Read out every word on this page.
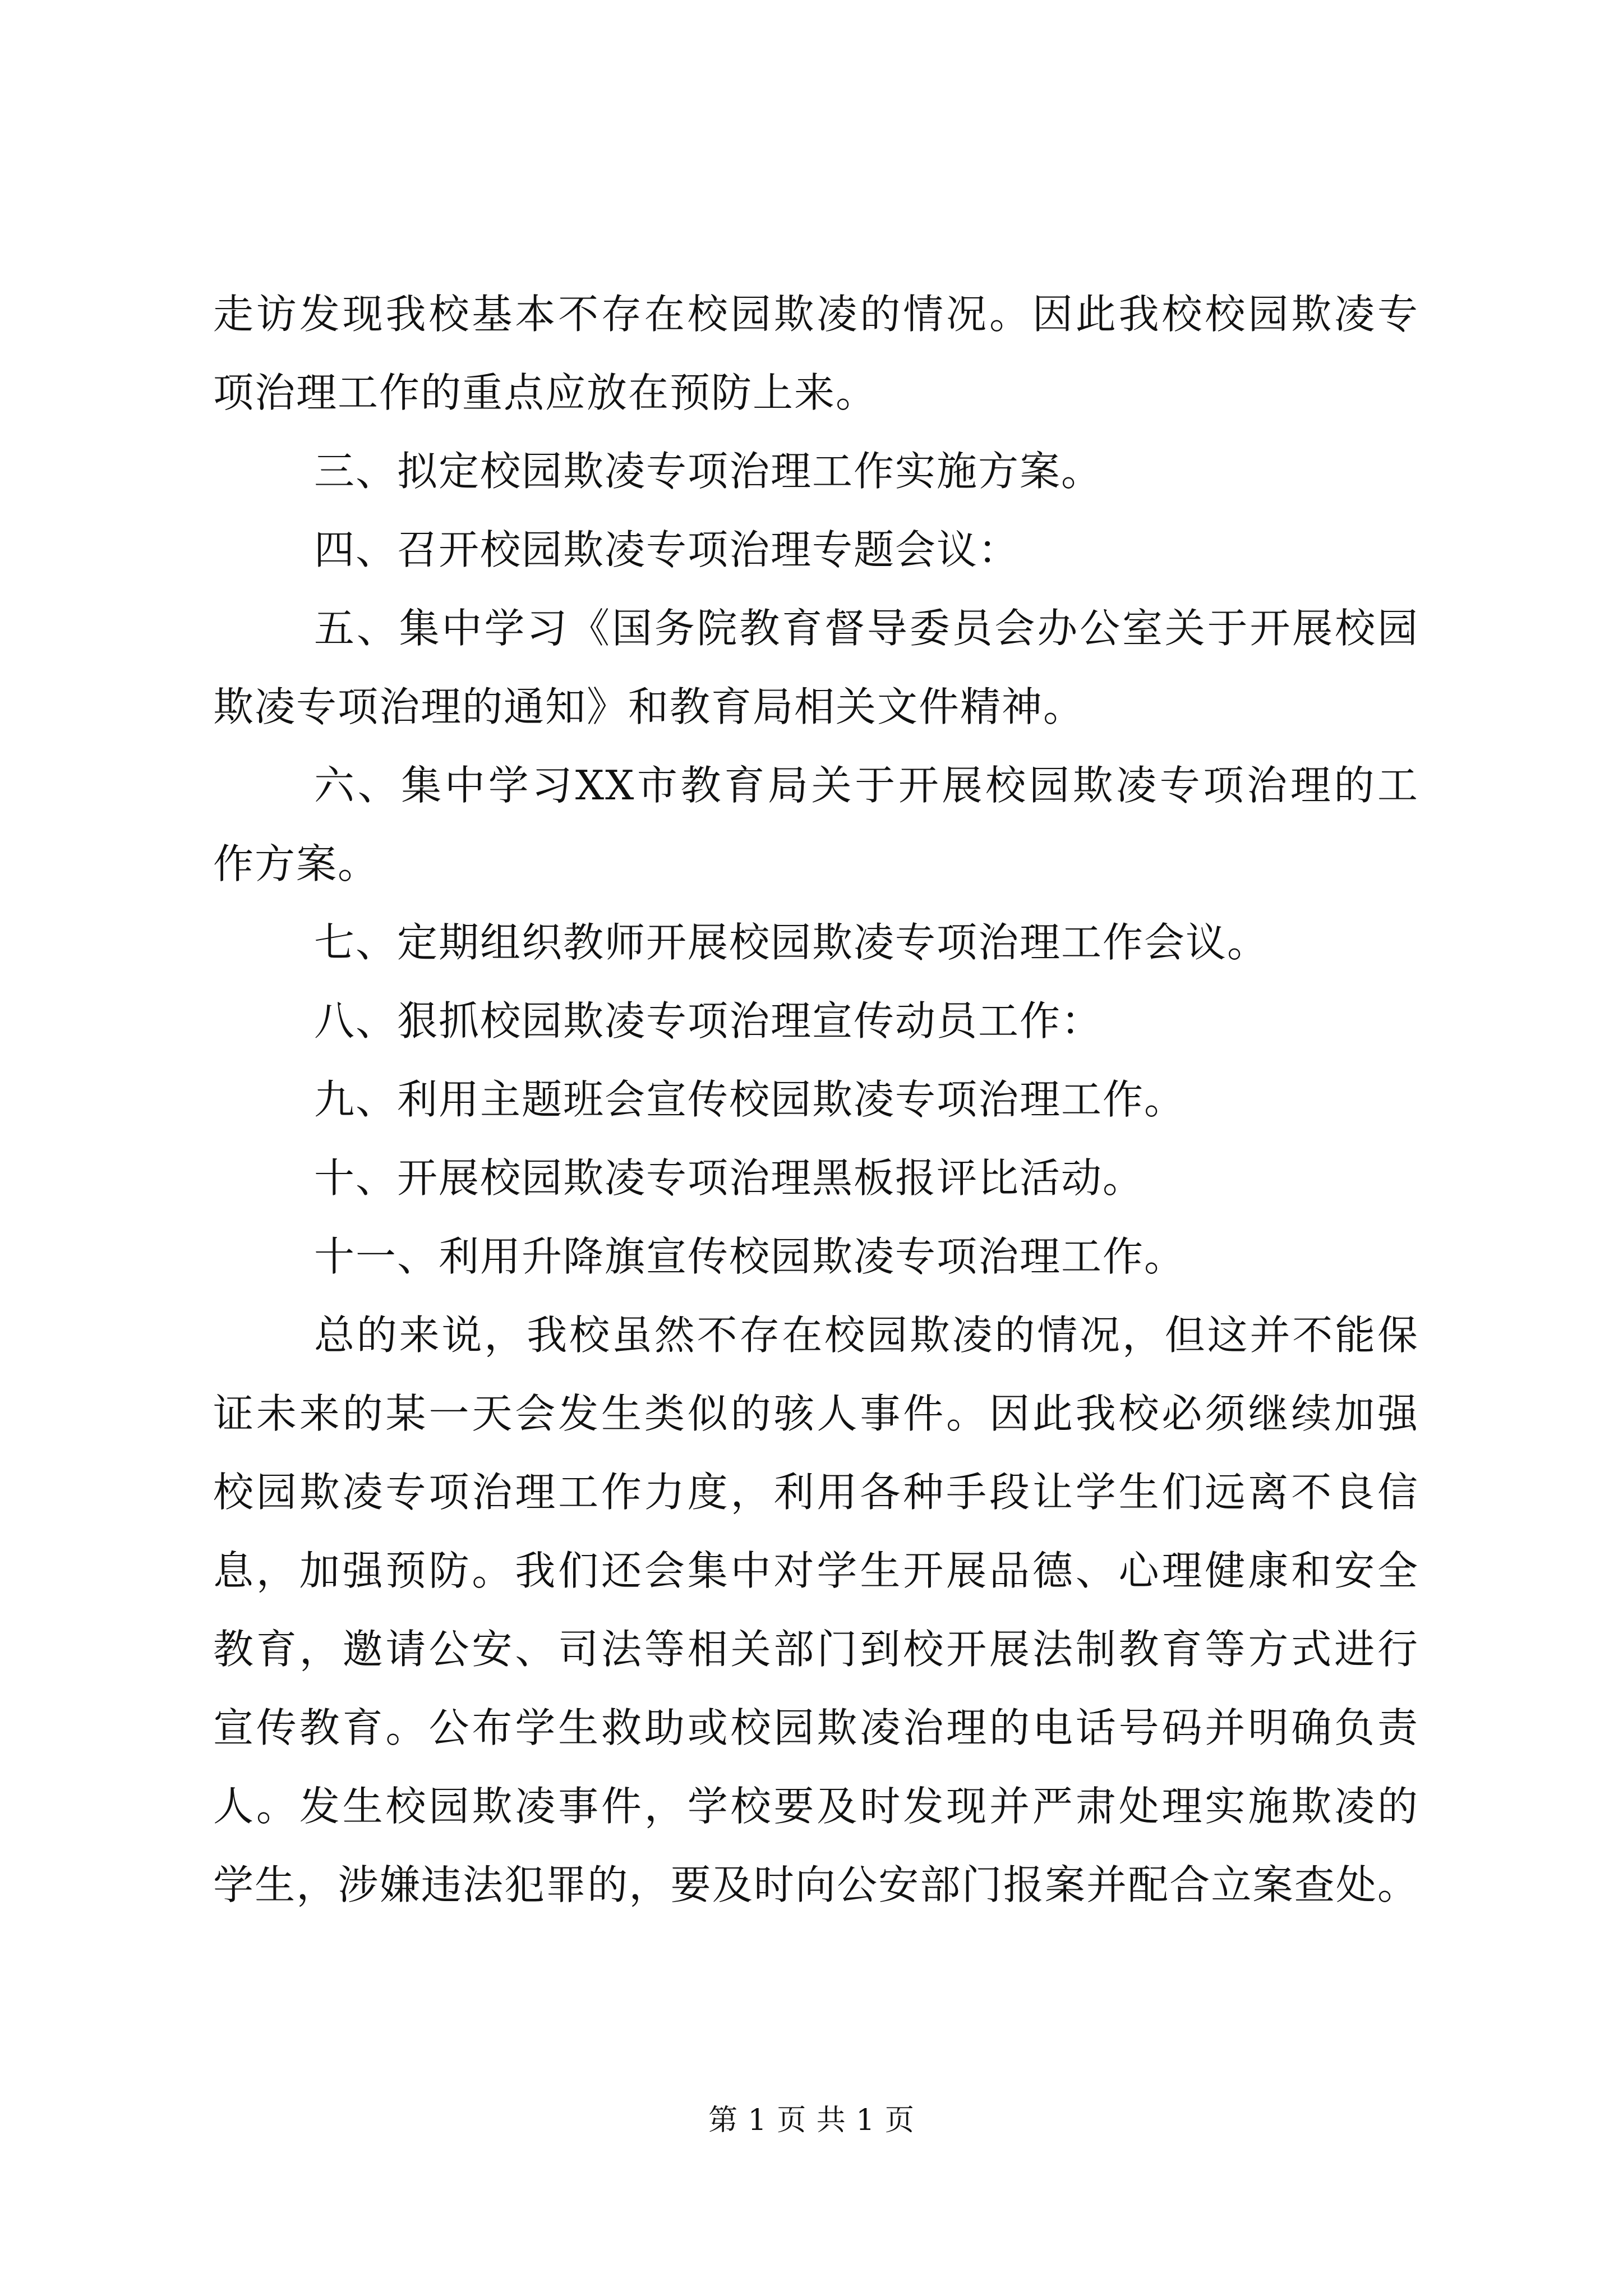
走访发现我校基本不存在校园欺凌的情况。因此我校校园欺凌专
项治理工作的重点应放在预防上来。
三、拟定校园欺凌专项治理工作实施方案。
四、召开校园欺凌专项治理专题会议：
五、集中学习《国务院教育督导委员会办公室关于开展校园
欺凌专项治理的通知》和教育局相关文件精神。
六、集中学习XX市教育局关于开展校园欺凌专项治理的工
作方案。
七、定期组织教师开展校园欺凌专项治理工作会议。
八、狠抓校园欺凌专项治理宣传动员工作：
九、利用主题班会宣传校园欺凌专项治理工作。
十、开展校园欺凌专项治理黑板报评比活动。
十一、利用升降旗宣传校园欺凌专项治理工作。
总的来说，我校虽然不存在校园欺凌的情况，但这并不能保
证未来的某一天会发生类似的骇人事件。因此我校必须继续加强
校园欺凌专项治理工作力度，利用各种手段让学生们远离不良信
息，加强预防。我们还会集中对学生开展品德、心理健康和安全
教育，邀请公安、司法等相关部门到校开展法制教育等方式进行
宣传教育。公布学生救助或校园欺凌治理的电话号码并明确负责
人。发生校园欺凌事件，学校要及时发现并严肃处理实施欺凌的
学生，涉嫌违法犯罪的，要及时向公安部门报案并配合立案查处。
第 1 页 共 1 页
